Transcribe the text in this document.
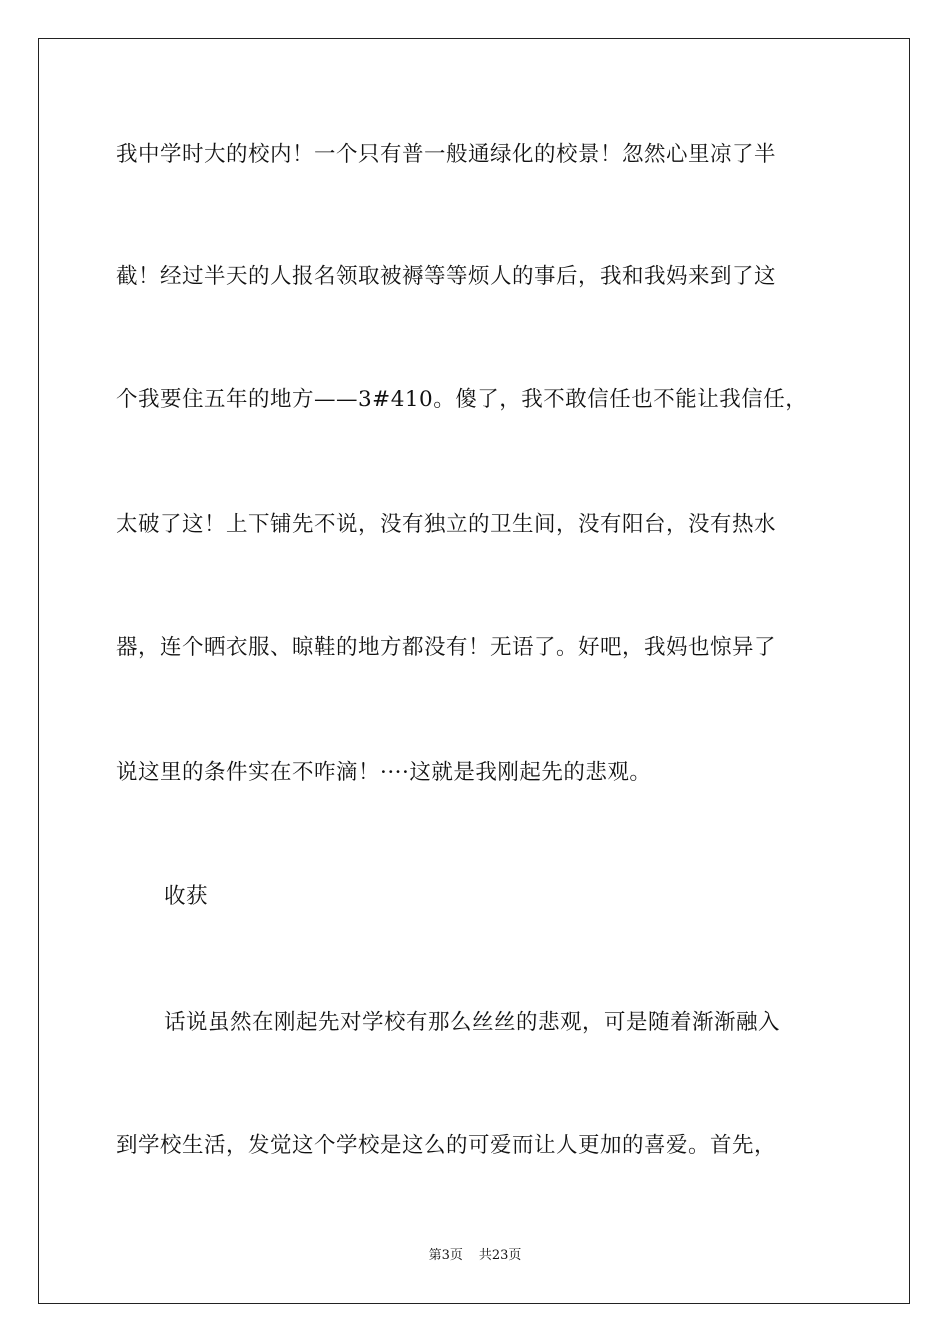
我中学时大的校内！一个只有普一般通绿化的校景！忽然心里凉了半
截！经过半天的人报名领取被褥等等烦人的事后，我和我妈来到了这
个我要住五年的地方——3#410。傻了，我不敢信任也不能让我信任，
太破了这！上下铺先不说，没有独立的卫生间，没有阳台，没有热水
器，连个晒衣服、晾鞋的地方都没有！无语了。好吧，我妈也惊异了
说这里的条件实在不咋滴！····这就是我刚起先的悲观。
收获
话说虽然在刚起先对学校有那么丝丝的悲观，可是随着渐渐融入
到学校生活，发觉这个学校是这么的可爱而让人更加的喜爱。首先，
第3页 共23页
